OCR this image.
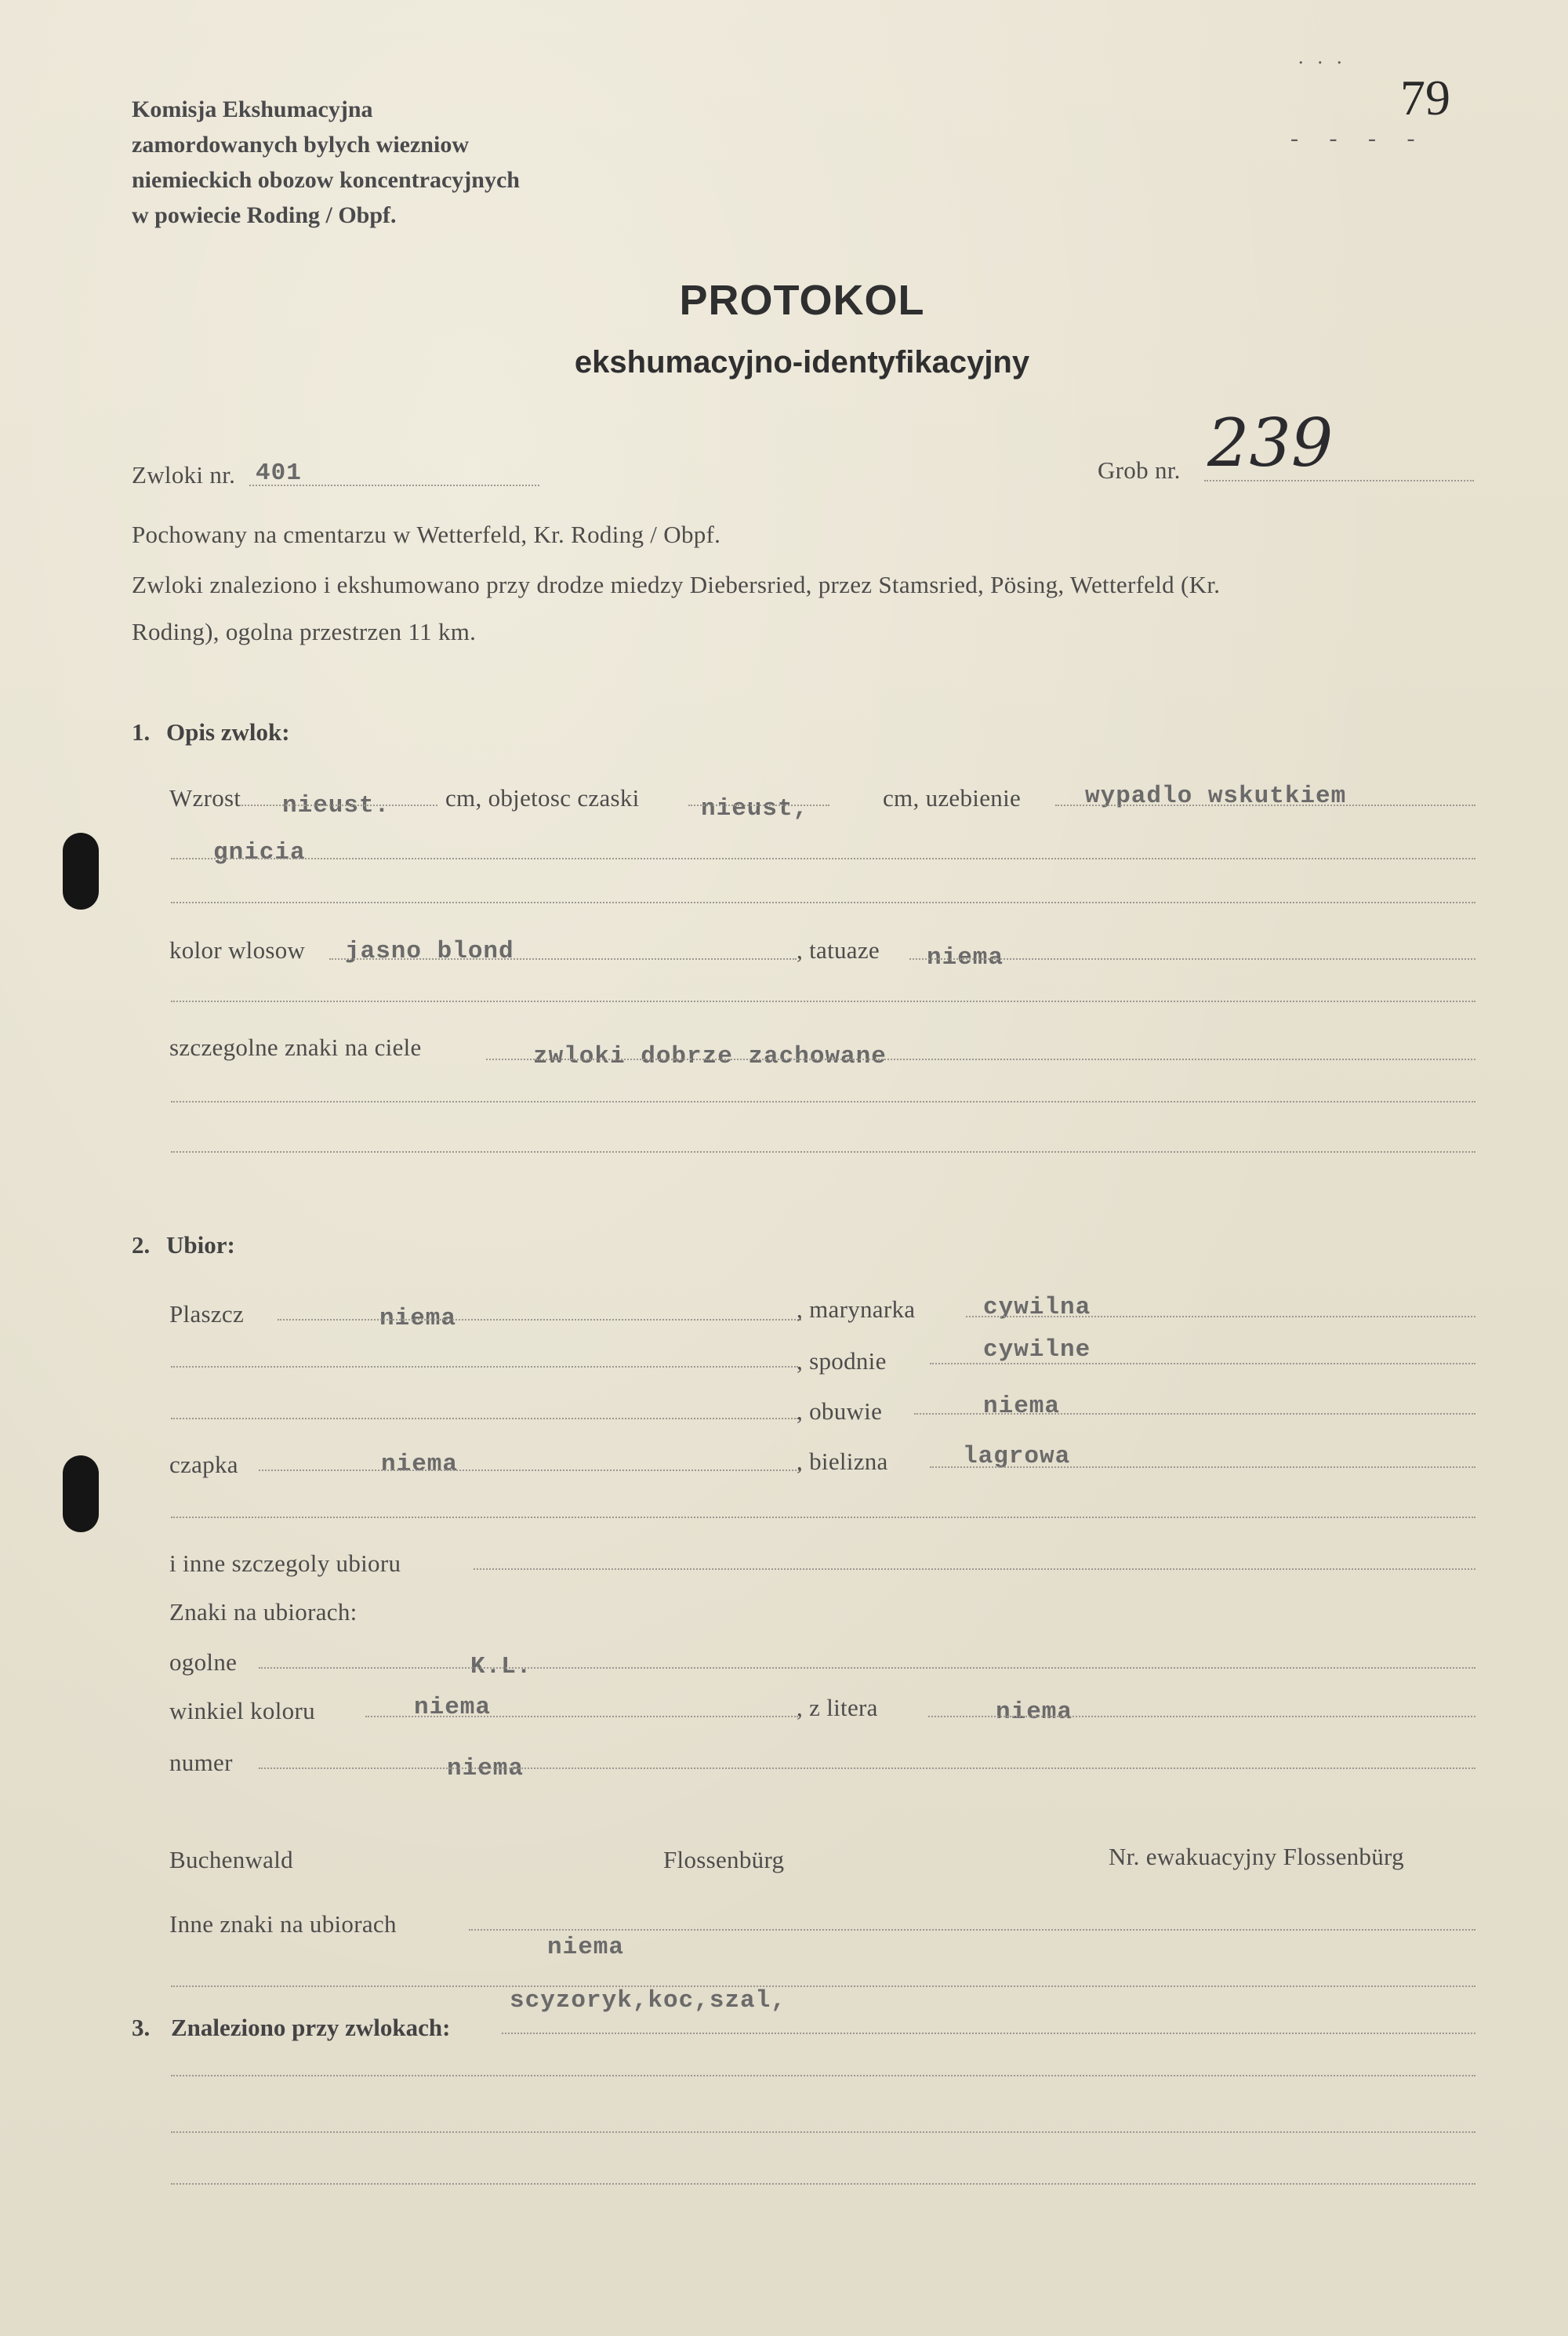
79
...
- - - -
Komisja Ekshumacyjna
zamordowanych bylych wiezniow
niemieckich obozow koncentracyjnych
w powiecie Roding / Obpf.
PROTOKOL
ekshumacyjno-identyfikacyjny
Zwloki nr. 401	Grob nr. 239
Pochowany na cmentarzu w Wetterfeld, Kr. Roding / Obpf.
Zwloki znaleziono i ekshumowano przy drodze miedzy Diebersried, przez Stamsried, Pösing, Wetterfeld (Kr.
Roding), ogolna przestrzen 11 km.
1. Opis zwlok:
Wzrost nieust. cm, objetosc czaski	nieust,	cm, uzebienie	wypadlo wskutkiem
gnicia
kolor wlosow jasno blond	, tatuaze niema
szczegolne znaki na ciele	zwloki dobrze zachowane
2. Ubior:
Plaszcz	niema	, marynarka	cywilna
, spodnie	cywilne
, obuwie	niema
czapka	niema	, bielizna	lagrowa
i inne szczegoly ubioru
Znaki na ubiorach:
ogolne	K.L.
winkiel koloru	niema	, z litera	niema
numer	niema
Buchenwald	Flossenbürg	Nr. ewakuacyjny Flossenbürg
Inne znaki na ubiorach
niema
scyzoryk,koc,szal,
3. Znaleziono przy zwlokach:
